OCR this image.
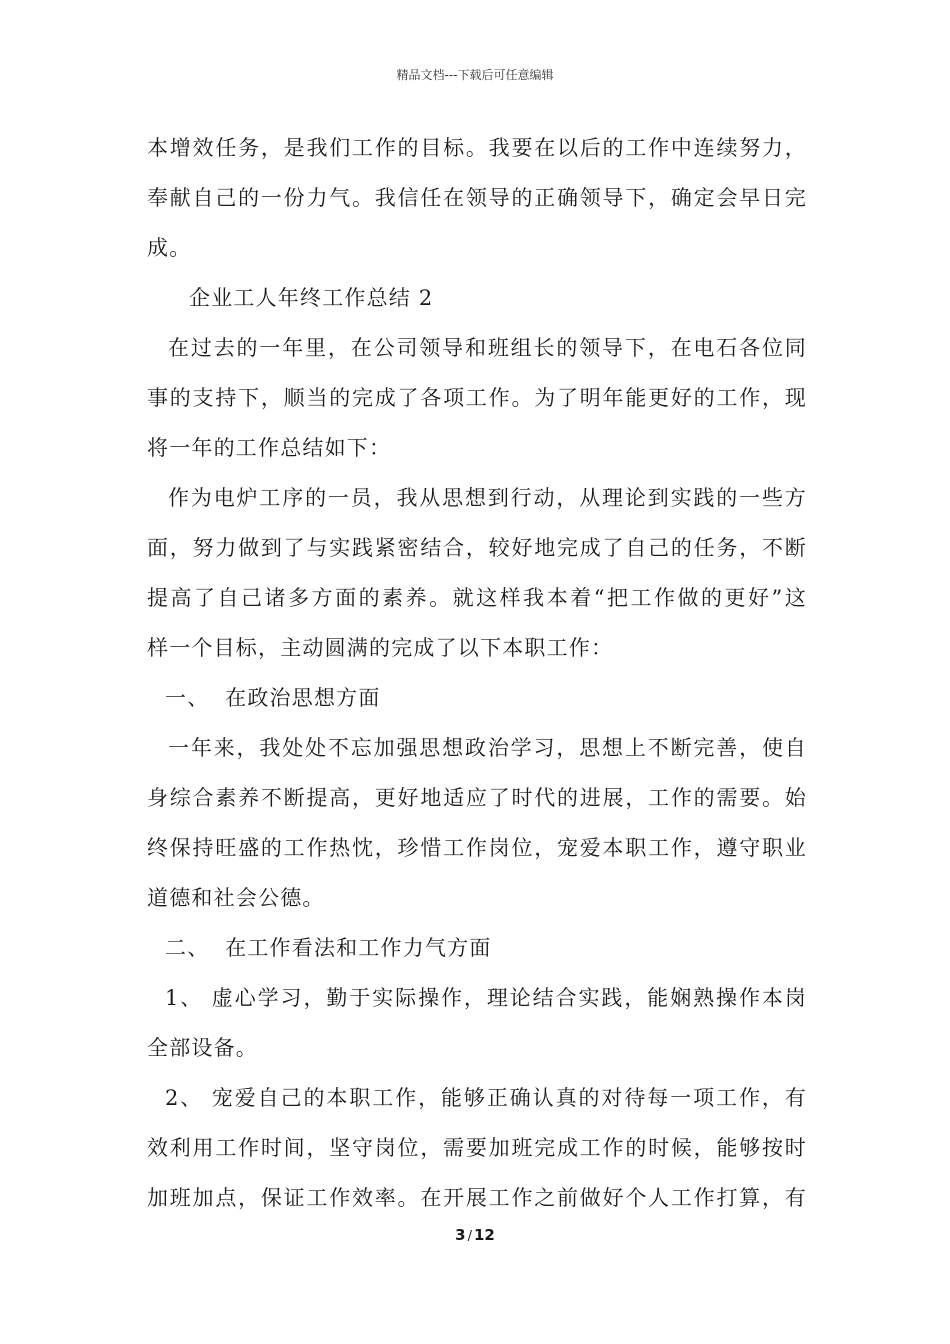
精品文档---下载后可任意编辑
本增效任务，是我们工作的目标。我要在以后的工作中连续努力，
奉献自己的一份力气。我信任在领导的正确领导下，确定会早日完
成。
企业工人年终工作总结 2
在过去的一年里，在公司领导和班组长的领导下，在电石各位同
事的支持下，顺当的完成了各项工作。为了明年能更好的工作，现
将一年的工作总结如下：
作为电炉工序的一员，我从思想到行动，从理论到实践的一些方
面，努力做到了与实践紧密结合，较好地完成了自己的任务，不断
提高了自己诸多方面的素养。就这样我本着“把工作做的更好”这
样一个目标，主动圆满的完成了以下本职工作：
一、  在政治思想方面
一年来，我处处不忘加强思想政治学习，思想上不断完善，使自
身综合素养不断提高，更好地适应了时代的进展，工作的需要。始
终保持旺盛的工作热忱，珍惜工作岗位，宠爱本职工作，遵守职业
道德和社会公德。
二、  在工作看法和工作力气方面
1、 虚心学习，勤于实际操作，理论结合实践，能娴熟操作本岗
全部设备。
2、 宠爱自己的本职工作，能够正确认真的对待每一项工作，有
效利用工作时间，坚守岗位，需要加班完成工作的时候，能够按时
加班加点，保证工作效率。在开展工作之前做好个人工作打算，有
3 / 12
